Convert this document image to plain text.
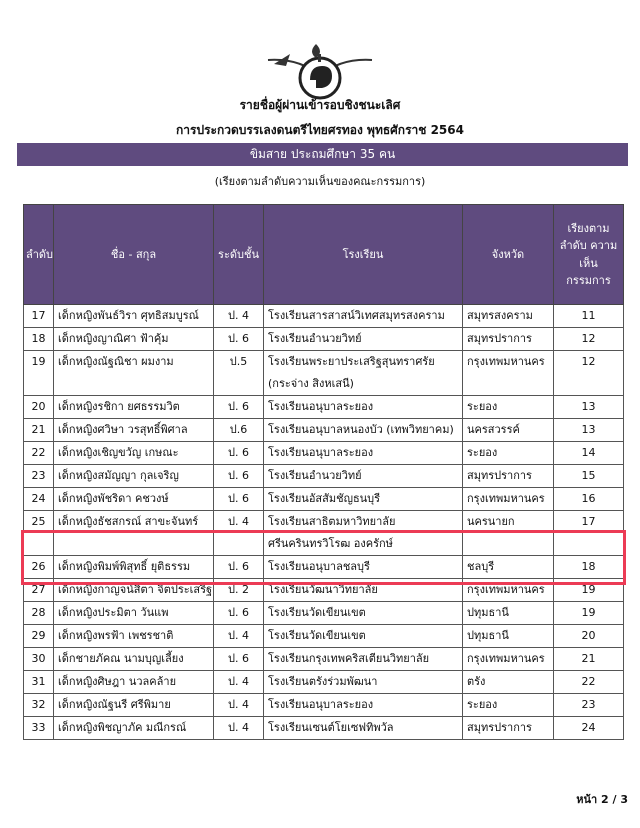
รายชื่อผู้ผ่านเข้ารอบชิงชนะเลิศ
การประกวดบรรเลงดนตรีไทยศรทอง พุทธศักราช 2564
ขิมสาย ประถมศึกษา 35 คน
(เรียงตามลำดับความเห็นของคณะกรรมการ)
ลำดับ	ชื่อ - สกุล	ระดับชั้น	โรงเรียน	จังหวัด	เรียงตาม ลำดับ ความเห็น กรรมการ
17	เด็กหญิงพันธ์วิรา ศุทธิสมบูรณ์	ป. 4	โรงเรียนสารสาสน์วิเทศสมุทรสงคราม	สมุทรสงคราม	11
18	เด็กหญิงญาณิศา ฟ้าคุ้ม	ป. 6	โรงเรียนอำนวยวิทย์	สมุทรปราการ	12
19	เด็กหญิงณัฐณิชา ผมงาม	ป.5	โรงเรียนพระยาประเสริฐสุนทราศรัย (กระจ่าง สิงหเสนี)	กรุงเทพมหานคร	12
20	เด็กหญิงรชิกา ยศธรรมวิต	ป. 6	โรงเรียนอนุบาลระยอง	ระยอง	13
21	เด็กหญิงศวิษา วรสุทธิ์พิศาล	ป.6	โรงเรียนอนุบาลหนองบัว (เทพวิทยาคม)	นครสวรรค์	13
22	เด็กหญิงเชิญขวัญ เกษณะ	ป. 6	โรงเรียนอนุบาลระยอง	ระยอง	14
23	เด็กหญิงสมัญญา กุลเจริญ	ป. 6	โรงเรียนอำนวยวิทย์	สมุทรปราการ	15
24	เด็กหญิงพัชริดา คชวงษ์	ป. 6	โรงเรียนอัสสัมชัญธนบุรี	กรุงเทพมหานคร	16
25	เด็กหญิงธัชสกรณ์ สาขะจันทร์	ป. 4	โรงเรียนสาธิตมหาวิทยาลัยศรีนครินทรวิโรฒ องครักษ์	นครนายก	17
26	เด็กหญิงพิมพ์พิสุทธิ์ ยุติธรรม	ป. 6	โรงเรียนอนุบาลชลบุรี	ชลบุรี	18
27	เด็กหญิงกาญจน์สิตา จิตประเสริฐ	ป. 2	โรงเรียนวัฒนาวิทยาลัย	กรุงเทพมหานคร	19
28	เด็กหญิงประมิตา วันแพ	ป. 6	โรงเรียนวัดเขียนเขต	ปทุมธานี	19
29	เด็กหญิงพรฟ้า เพชรชาติ	ป. 4	โรงเรียนวัดเขียนเขต	ปทุมธานี	20
30	เด็กชายภัคณ นามบุญเลี้ยง	ป. 6	โรงเรียนกรุงเทพคริสเตียนวิทยาลัย	กรุงเทพมหานคร	21
31	เด็กหญิงศิษฎา นวลคล้าย	ป. 4	โรงเรียนตรังร่วมพัฒนา	ตรัง	22
32	เด็กหญิงณัฐนรี ศรีพิมาย	ป. 4	โรงเรียนอนุบาลระยอง	ระยอง	23
33	เด็กหญิงพิชญาภัค มณีกรณ์	ป. 4	โรงเรียนเซนต์โยเซฟทิพวัล	สมุทรปราการ	24
หน้า 2 / 3
